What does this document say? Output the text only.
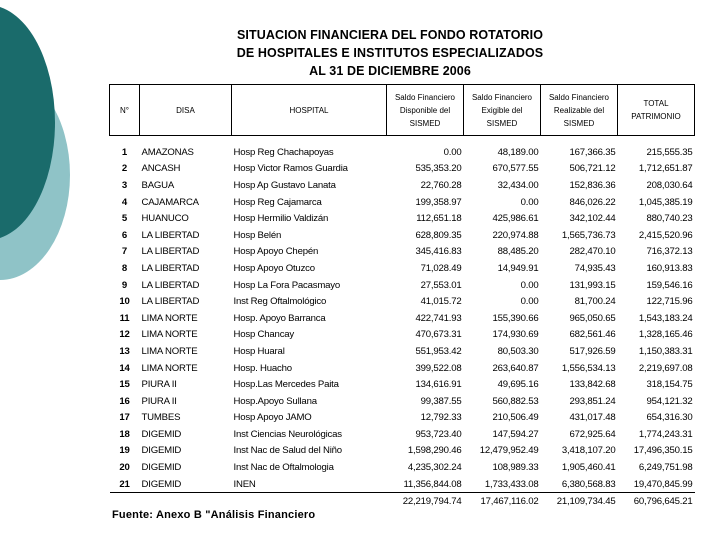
SITUACION FINANCIERA DEL FONDO ROTATORIO
DE HOSPITALES E INSTITUTOS ESPECIALIZADOS
AL 31 DE DICIEMBRE 2006
N°	DISA	HOSPITAL	Saldo Financiero Disponible del SISMED	Saldo Financiero Exigible del SISMED	Saldo Financiero Realizable del SISMED	TOTAL PATRIMONIO
1	AMAZONAS	Hosp Reg Chachapoyas	0.00	48,189.00	167,366.35	215,555.35
2	ANCASH	Hosp Victor Ramos Guardia	535,353.20	670,577.55	506,721.12	1,712,651.87
3	BAGUA	Hosp Ap Gustavo Lanata	22,760.28	32,434.00	152,836.36	208,030.64
4	CAJAMARCA	Hosp Reg Cajamarca	199,358.97	0.00	846,026.22	1,045,385.19
5	HUANUCO	Hosp Hermilio Valdizán	112,651.18	425,986.61	342,102.44	880,740.23
6	LA LIBERTAD	Hosp Belén	628,809.35	220,974.88	1,565,736.73	2,415,520.96
7	LA LIBERTAD	Hosp Apoyo Chepén	345,416.83	88,485.20	282,470.10	716,372.13
8	LA LIBERTAD	Hosp Apoyo Otuzco	71,028.49	14,949.91	74,935.43	160,913.83
9	LA LIBERTAD	Hosp La Fora Pacasmayo	27,553.01	0.00	131,993.15	159,546.16
10	LA LIBERTAD	Inst Reg Oftalmológico	41,015.72	0.00	81,700.24	122,715.96
11	LIMA NORTE	Hosp. Apoyo Barranca	422,741.93	155,390.66	965,050.65	1,543,183.24
12	LIMA NORTE	Hosp Chancay	470,673.31	174,930.69	682,561.46	1,328,165.46
13	LIMA NORTE	Hosp Huaral	551,953.42	80,503.30	517,926.59	1,150,383.31
14	LIMA NORTE	Hosp. Huacho	399,522.08	263,640.87	1,556,534.13	2,219,697.08
15	PIURA II	Hosp.Las Mercedes Paita	134,616.91	49,695.16	133,842.68	318,154.75
16	PIURA II	Hosp.Apoyo Sullana	99,387.55	560,882.53	293,851.24	954,121.32
17	TUMBES	Hosp Apoyo JAMO	12,792.33	210,506.49	431,017.48	654,316.30
18	DIGEMID	Inst Ciencias Neurológicas	953,723.40	147,594.27	672,925.64	1,774,243.31
19	DIGEMID	Inst Nac de Salud del Niño	1,598,290.46	12,479,952.49	3,418,107.20	17,496,350.15
20	DIGEMID	Inst Nac de Oftalmologia	4,235,302.24	108,989.33	1,905,460.41	6,249,751.98
21	DIGEMID	INEN	11,356,844.08	1,733,433.08	6,380,568.83	19,470,845.99
			22,219,794.74	17,467,116.02	21,109,734.45	60,796,645.21
Fuente: Anexo B "Análisis Financiero
